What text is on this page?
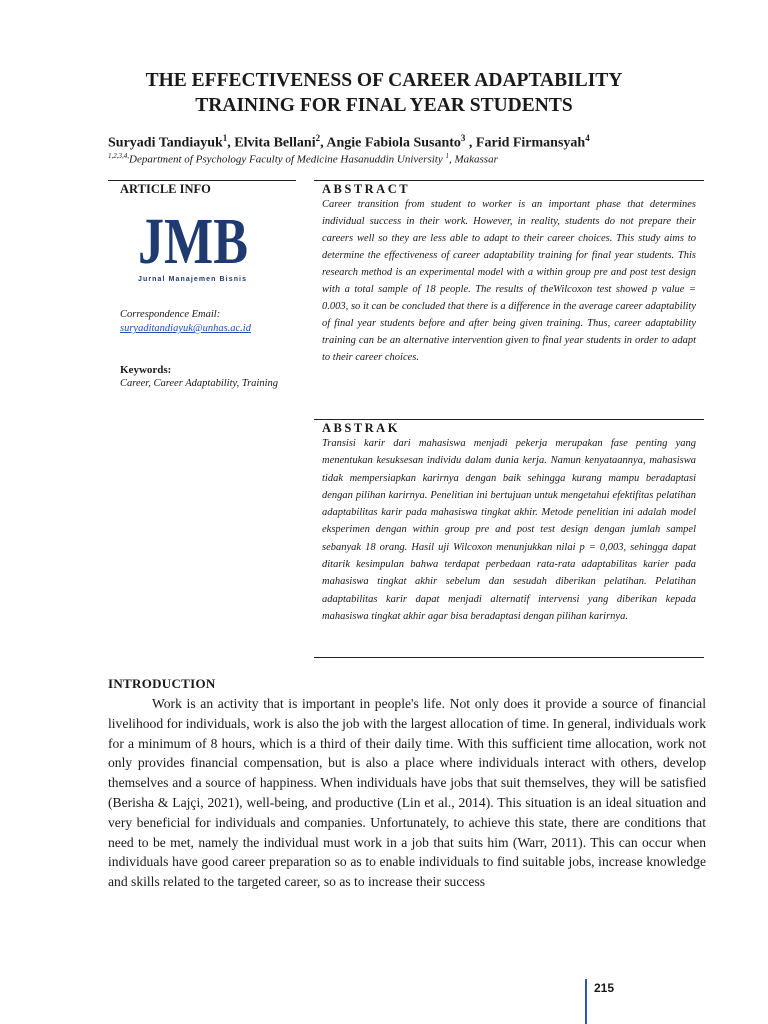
THE EFFECTIVENESS OF CAREER ADAPTABILITY
TRAINING FOR FINAL YEAR STUDENTS
Suryadi Tandiayuk$^1$, Elvita Bellani$^2$, Angie Fabiola Susanto$^3$ , Farid Firmansyah$^4$
$^{1,2,3,4,}$Department of Psychology Faculty of Medicine Hasanuddin University $^1$, Makassar
ARTICLE INFO
JMB
Jurnal Manajemen Bisnis
Correspondence Email:
suryaditandiayuk@unhas.ac.id
Keywords:
Career, Career Adaptability, Training
ABSTRACT

Career transition from student to worker is an important phase that determines individual success in their work. However, in reality, students do not prepare their careers well so they are less able to adapt to their career choices. This study aims to determine the effectiveness of career adaptability training for final year students. This research method is an experimental model with a within group pre and post test design with a total sample of 18 people. The results of theWilcoxon test showed p value = 0.003, so it can be concluded that there is a difference in the average career adaptability of final year students before and after being given training. Thus, career adaptability training can be an alternative intervention given to final year students in order to adapt to their career choices.

ABSTRAK

Transisi karir dari mahasiswa menjadi pekerja merupakan fase penting yang menentukan kesuksesan individu dalam dunia kerja. Namun kenyataannya, mahasiswa tidak mempersiapkan karirnya dengan baik sehingga kurang mampu beradaptasi dengan pilihan karirnya. Penelitian ini bertujuan untuk mengetahui efektifitas pelatihan adaptabilitas karir pada mahasiswa tingkat akhir. Metode penelitian ini adalah model eksperimen dengan within group pre and post test design dengan jumlah sampel sebanyak 18 orang. Hasil uji Wilcoxon menunjukkan nilai p = 0,003, sehingga dapat ditarik kesimpulan bahwa terdapat perbedaan rata-rata adaptabilitas karier pada mahasiswa tingkat akhir sebelum dan sesudah diberikan pelatihan. Pelatihan adaptabilitas karir dapat menjadi alternatif intervensi yang diberikan kepada mahasiswa tingkat akhir agar bisa beradaptasi dengan pilihan karirnya.

INTRODUCTION

Work is an activity that is important in people's life. Not only does it provide a source of financial livelihood for individuals, work is also the job with the largest allocation of time. In general, individuals work for a minimum of 8 hours, which is a third of their daily time. With this sufficient time allocation, work not only provides financial compensation, but is also a place where individuals interact with others, develop themselves and a source of happiness. When individuals have jobs that suit themselves, they will be satisfied (Berisha & Lajçi, 2021), well-being, and productive (Lin et al., 2014). This situation is an ideal situation and very beneficial for individuals and companies. Unfortunately, to achieve this state, there are conditions that need to be met, namely the individual must work in a job that suits him (Warr, 2011). This can occur when individuals have good career preparation so as to enable individuals to find suitable jobs, increase knowledge and skills related to the targeted career, so as to increase their success

215
